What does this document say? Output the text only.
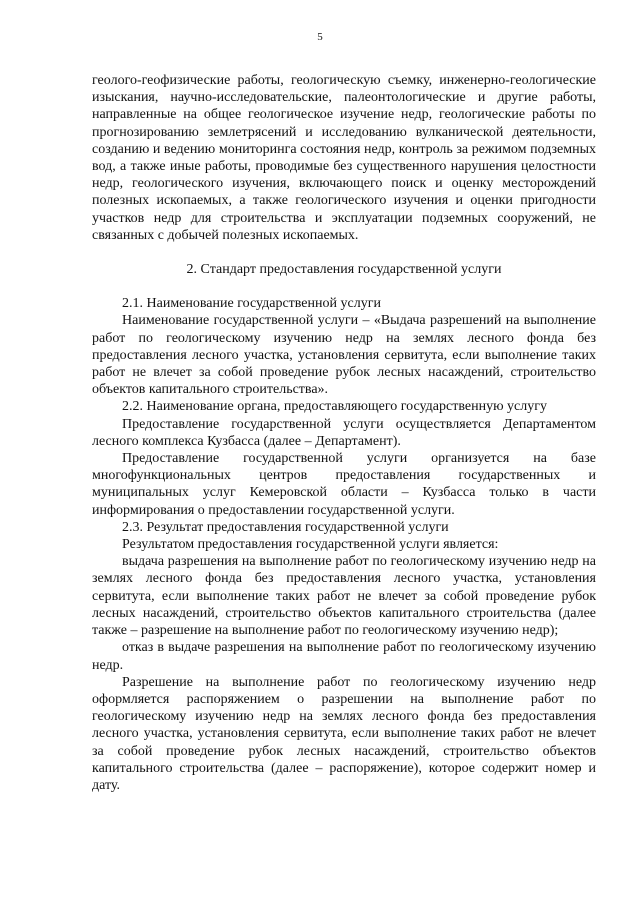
5

геолого-геофизические работы, геологическую съемку, инженерно-геологические изыскания, научно-исследовательские, палеонтологические и другие работы, направленные на общее геологическое изучение недр, геологические работы по прогнозированию землетрясений и исследованию вулканической деятельности, созданию и ведению мониторинга состояния недр, контроль за режимом подземных вод, а также иные работы, проводимые без существенного нарушения целостности недр, геологического изучения, включающего поиск и оценку месторождений полезных ископаемых, а также геологического изучения и оценки пригодности участков недр для строительства и эксплуатации подземных сооружений, не связанных с добычей полезных ископаемых.

2. Стандарт предоставления государственной услуги

2.1. Наименование государственной услуги

Наименование государственной услуги – «Выдача разрешений на выполнение работ по геологическому изучению недр на землях лесного фонда без предоставления лесного участка, установления сервитута, если выполнение таких работ не влечет за собой проведение рубок лесных насаждений, строительство объектов капитального строительства».

2.2. Наименование органа, предоставляющего государственную услугу

Предоставление государственной услуги осуществляется Департаментом лесного комплекса Кузбасса (далее – Департамент).

Предоставление государственной услуги организуется на базе многофункциональных центров предоставления государственных и муниципальных услуг Кемеровской области – Кузбасса только в части информирования о предоставлении государственной услуги.

2.3. Результат предоставления государственной услуги

Результатом предоставления государственной услуги является:

выдача разрешения на выполнение работ по геологическому изучению недр на землях лесного фонда без предоставления лесного участка, установления сервитута, если выполнение таких работ не влечет за собой проведение рубок лесных насаждений, строительство объектов капитального строительства (далее также – разрешение на выполнение работ по геологическому изучению недр);

отказ в выдаче разрешения на выполнение работ по геологическому изучению недр.

Разрешение на выполнение работ по геологическому изучению недр оформляется распоряжением о разрешении на выполнение работ по геологическому изучению недр на землях лесного фонда без предоставления лесного участка, установления сервитута, если выполнение таких работ не влечет за собой проведение рубок лесных насаждений, строительство объектов капитального строительства (далее – распоряжение), которое содержит номер и дату.
